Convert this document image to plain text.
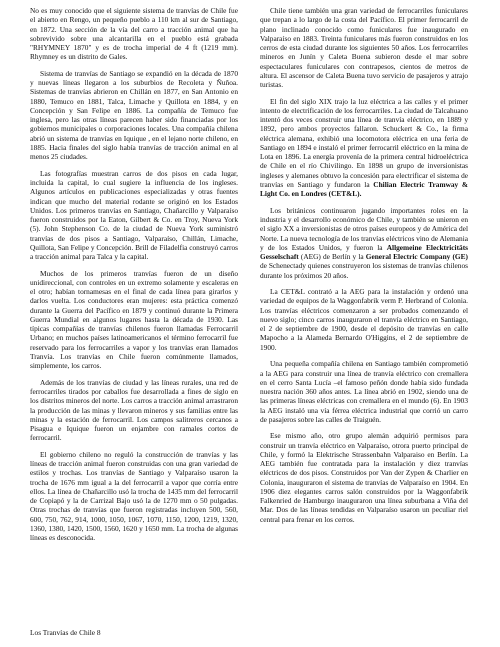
No es muy conocido que el siguiente sistema de tranvías de Chile fue el abierto en Rengo, un pequeño pueblo a 110 km al sur de Santiago, en 1872. Una sección de la vía del carro a tracción animal que ha sobrevivido sobre una alcantarilla en el pueblo está grabada "RHYMNEY 1870" y es de trocha imperial de 4 ft (1219 mm). Rhymney es un distrito de Gales.

Sistema de tranvías de Santiago se expandió en la década de 1870 y nuevas líneas llegaron a los suburbios de Recoleta y Ñuñoa. Sistemas de tranvías abrieron en Chillán en 1877, en San Antonio en 1880, Temuco en 1881, Talca, Limache y Quillota en 1884, y en Concepción y San Felipe en 1886. La compañía de Temuco fue inglesa, pero las otras líneas parecen haber sido financiadas por los gobiernos municipales o corporaciones locales. Una compañía chilena abrió un sistema de tranvías en Iquique , en el lejano norte chileno, en 1885. Hacia finales del siglo había tranvías de tracción animal en al menos 25 ciudades.

Las fotografías muestran carros de dos pisos en cada lugar, incluida la capital, lo cual sugiere la influencia de los ingleses. Algunos artículos en publicaciones especializadas y otras fuentes indican que mucho del material rodante se originó en los Estados Unidos. Los primeros tranvías en Santiago, Chañarcillo y Valparaíso fueron construidos por la Eaton, Gilbert & Co. en Troy, Nueva York (5). John Stephenson Co. de la ciudad de Nueva York suministró tranvías de dos pisos a Santiago, Valparaíso, Chillán, Limache, Quillota, San Felipe y Concepción. Brill de Filadelfia construyó carros a tracción animal para Talca y la capital.

Muchos de los primeros tranvías fueron de un diseño unidireccional, con controles en un extremo solamente y escaleras en el otro; habían tornamesas en el final de cada línea para girarlos y darlos vuelta. Los conductores eran mujeres: esta práctica comenzó durante la Guerra del Pacífico en 1879 y continuó durante la Primera Guerra Mundial en algunos lugares hasta la década de 1930. Las típicas compañías de tranvías chilenos fueron llamadas Ferrocarril Urbano; en muchos países latinoamericanos el término ferrocarril fue reservado para los ferrocarriles a vapor y los tranvías eran llamados Tranvía. Los tranvías en Chile fueron comúnmente llamados, simplemente, los carros.

Además de los tranvías de ciudad y las líneas rurales, una red de ferrocarriles tirados por caballos fue desarrollada a fines de siglo en los distritos mineros del norte. Los carros a tracción animal arrastraron la producción de las minas y llevaron mineros y sus familias entre las minas y la estación de ferrocarril. Los campos salitreros cercanos a Pisagua e Iquique fueron un enjambre con ramales cortos de ferrocarril.

El gobierno chileno no reguló la construcción de tranvías y las líneas de tracción animal fueron construidas con una gran variedad de estilos y trochas. Los tranvías de Santiago y Valparaíso usaron la trocha de 1676 mm igual a la del ferrocarril a vapor que corría entre ellos. La línea de Chañarcillo usó la trocha de 1435 mm del ferrocarril de Copiapó y la de Carrizal Bajo usó la de 1270 mm o 50 pulgadas. Otras trochas de tranvías que fueron registradas incluyen 500, 560, 600, 750, 762, 914, 1000, 1050, 1067, 1070, 1150, 1200, 1219, 1320, 1360, 1380, 1420, 1500, 1560, 1620 y 1650 mm. La trocha de algunas líneas es desconocida.

Chile tiene también una gran variedad de ferrocarriles funiculares que trepan a lo largo de la costa del Pacífico. El primer ferrocarril de plano inclinado conocido como funiculares fue inaugurado en Valparaíso en 1883. Treinta funiculares más fueron construidos en los cerros de esta ciudad durante los siguientes 50 años. Los ferrocarriles mineros en Junín y Caleta Buena subieron desde el mar sobre espectaculares funiculares con contrapesos, cientos de metros de altura. El ascensor de Caleta Buena tuvo servicio de pasajeros y atrajo turistas.

El fin del siglo XIX trajo la luz eléctrica a las calles y el primer intento de electrificación de los ferrocarriles. La ciudad de Talcahuano intentó dos veces construir una línea de tranvía eléctrico, en 1889 y 1892, pero ambos proyectos fallaron. Schuckert & Co., la firma eléctrica alemana, exhibió una locomotora eléctrica en una feria de Santiago en 1894 e instaló el primer ferrocarril eléctrico en la mina de Lota en 1896. La energía provenía de la primera central hidroeléctrica de Chile en el río Chivilingo. En 1898 un grupo de inversionistas ingleses y alemanes obtuvo la concesión para electrificar el sistema de tranvías en Santiago y fundaron la Chilian Electric Tramway & Light Co. en Londres (CET&L).

Los británicos continuaron jugando importantes roles en la industria y el desarrollo económico de Chile, y también se unieron en el siglo XX a inversionistas de otros países europeos y de América del Norte. La nueva tecnología de los tranvías eléctricos vino de Alemania y de los Estados Unidos, y fueron la Allgemeine Elecktricitäts Gesselschaft (AEG) de Berlín y la General Electric Company (GE) de Schenectady quienes construyeron los sistemas de tranvías chilenos durante los próximos 20 años.

La CET&L contrató a la AEG para la instalación y ordenó una variedad de equipos de la Waggonfabrik verm P. Herbrand of Colonia. Los tranvías eléctricos comenzaron a ser probados comenzando el nuevo siglo; cinco carros inauguraron el tranvía eléctrico en Santiago, el 2 de septiembre de 1900, desde el depósito de tranvías en calle Mapocho a la Alameda Bernardo O'Higgins, el 2 de septiembre de 1900.

Una pequeña compañía chilena en Santiago también comprometió a la AEG para construir una línea de tranvía eléctrico con cremallera en el cerro Santa Lucía –el famoso peñón donde había sido fundada nuestra nación 360 años antes. La línea abrió en 1902, siendo una de las primeras líneas eléctricas con cremallera en el mundo (6). En 1903 la AEG instaló una vía férrea eléctrica industrial que corrió un carro de pasajeros sobre las calles de Traiguén.

Ese mismo año, otro grupo alemán adquirió permisos para construir un tranvía eléctrico en Valparaíso, otrora puerto principal de Chile, y formó la Elektrische Strassenbahn Valparaiso en Berlín. La AEG también fue contratada para la instalación y diez tranvías eléctricos de dos pisos. Construidos por Van der Zypen & Charlier en Colonia, inauguraron el sistema de tranvías de Valparaíso en 1904. En 1906 diez elegantes carros salón construidos por la Waggonfabrik Falkenried de Hamburgo inauguraron una línea suburbana a Viña del Mar. Dos de las líneas tendidas en Valparaíso usaron un peculiar riel central para frenar en los cerros.

Los Tranvías de Chile 8
